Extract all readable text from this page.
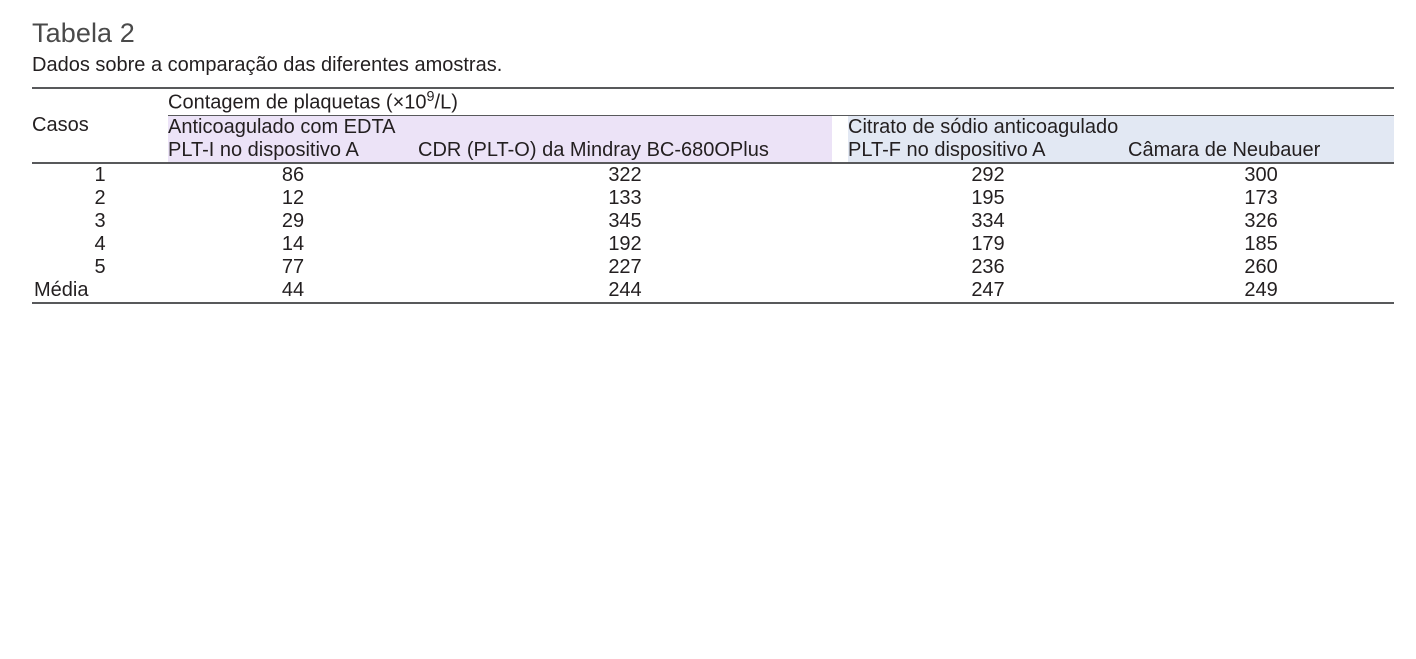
Tabela 2
Dados sobre a comparação das diferentes amostras.
Casos	Contagem de plaquetas $(\times 10^9/L)$				
	Anticoagulado com EDTA			Citrato de sódio anticoagulado	
	PLT-I no dispositivo A	CDR (PLT-O) da Mindray BC-680OPlus		PLT-F no dispositivo A	Câmara de Neubauer
1	86	322		292	300
2	12	133		195	173
3	29	345		334	326
4	14	192		179	185
5	77	227		236	260
Média	44	244		247	249
